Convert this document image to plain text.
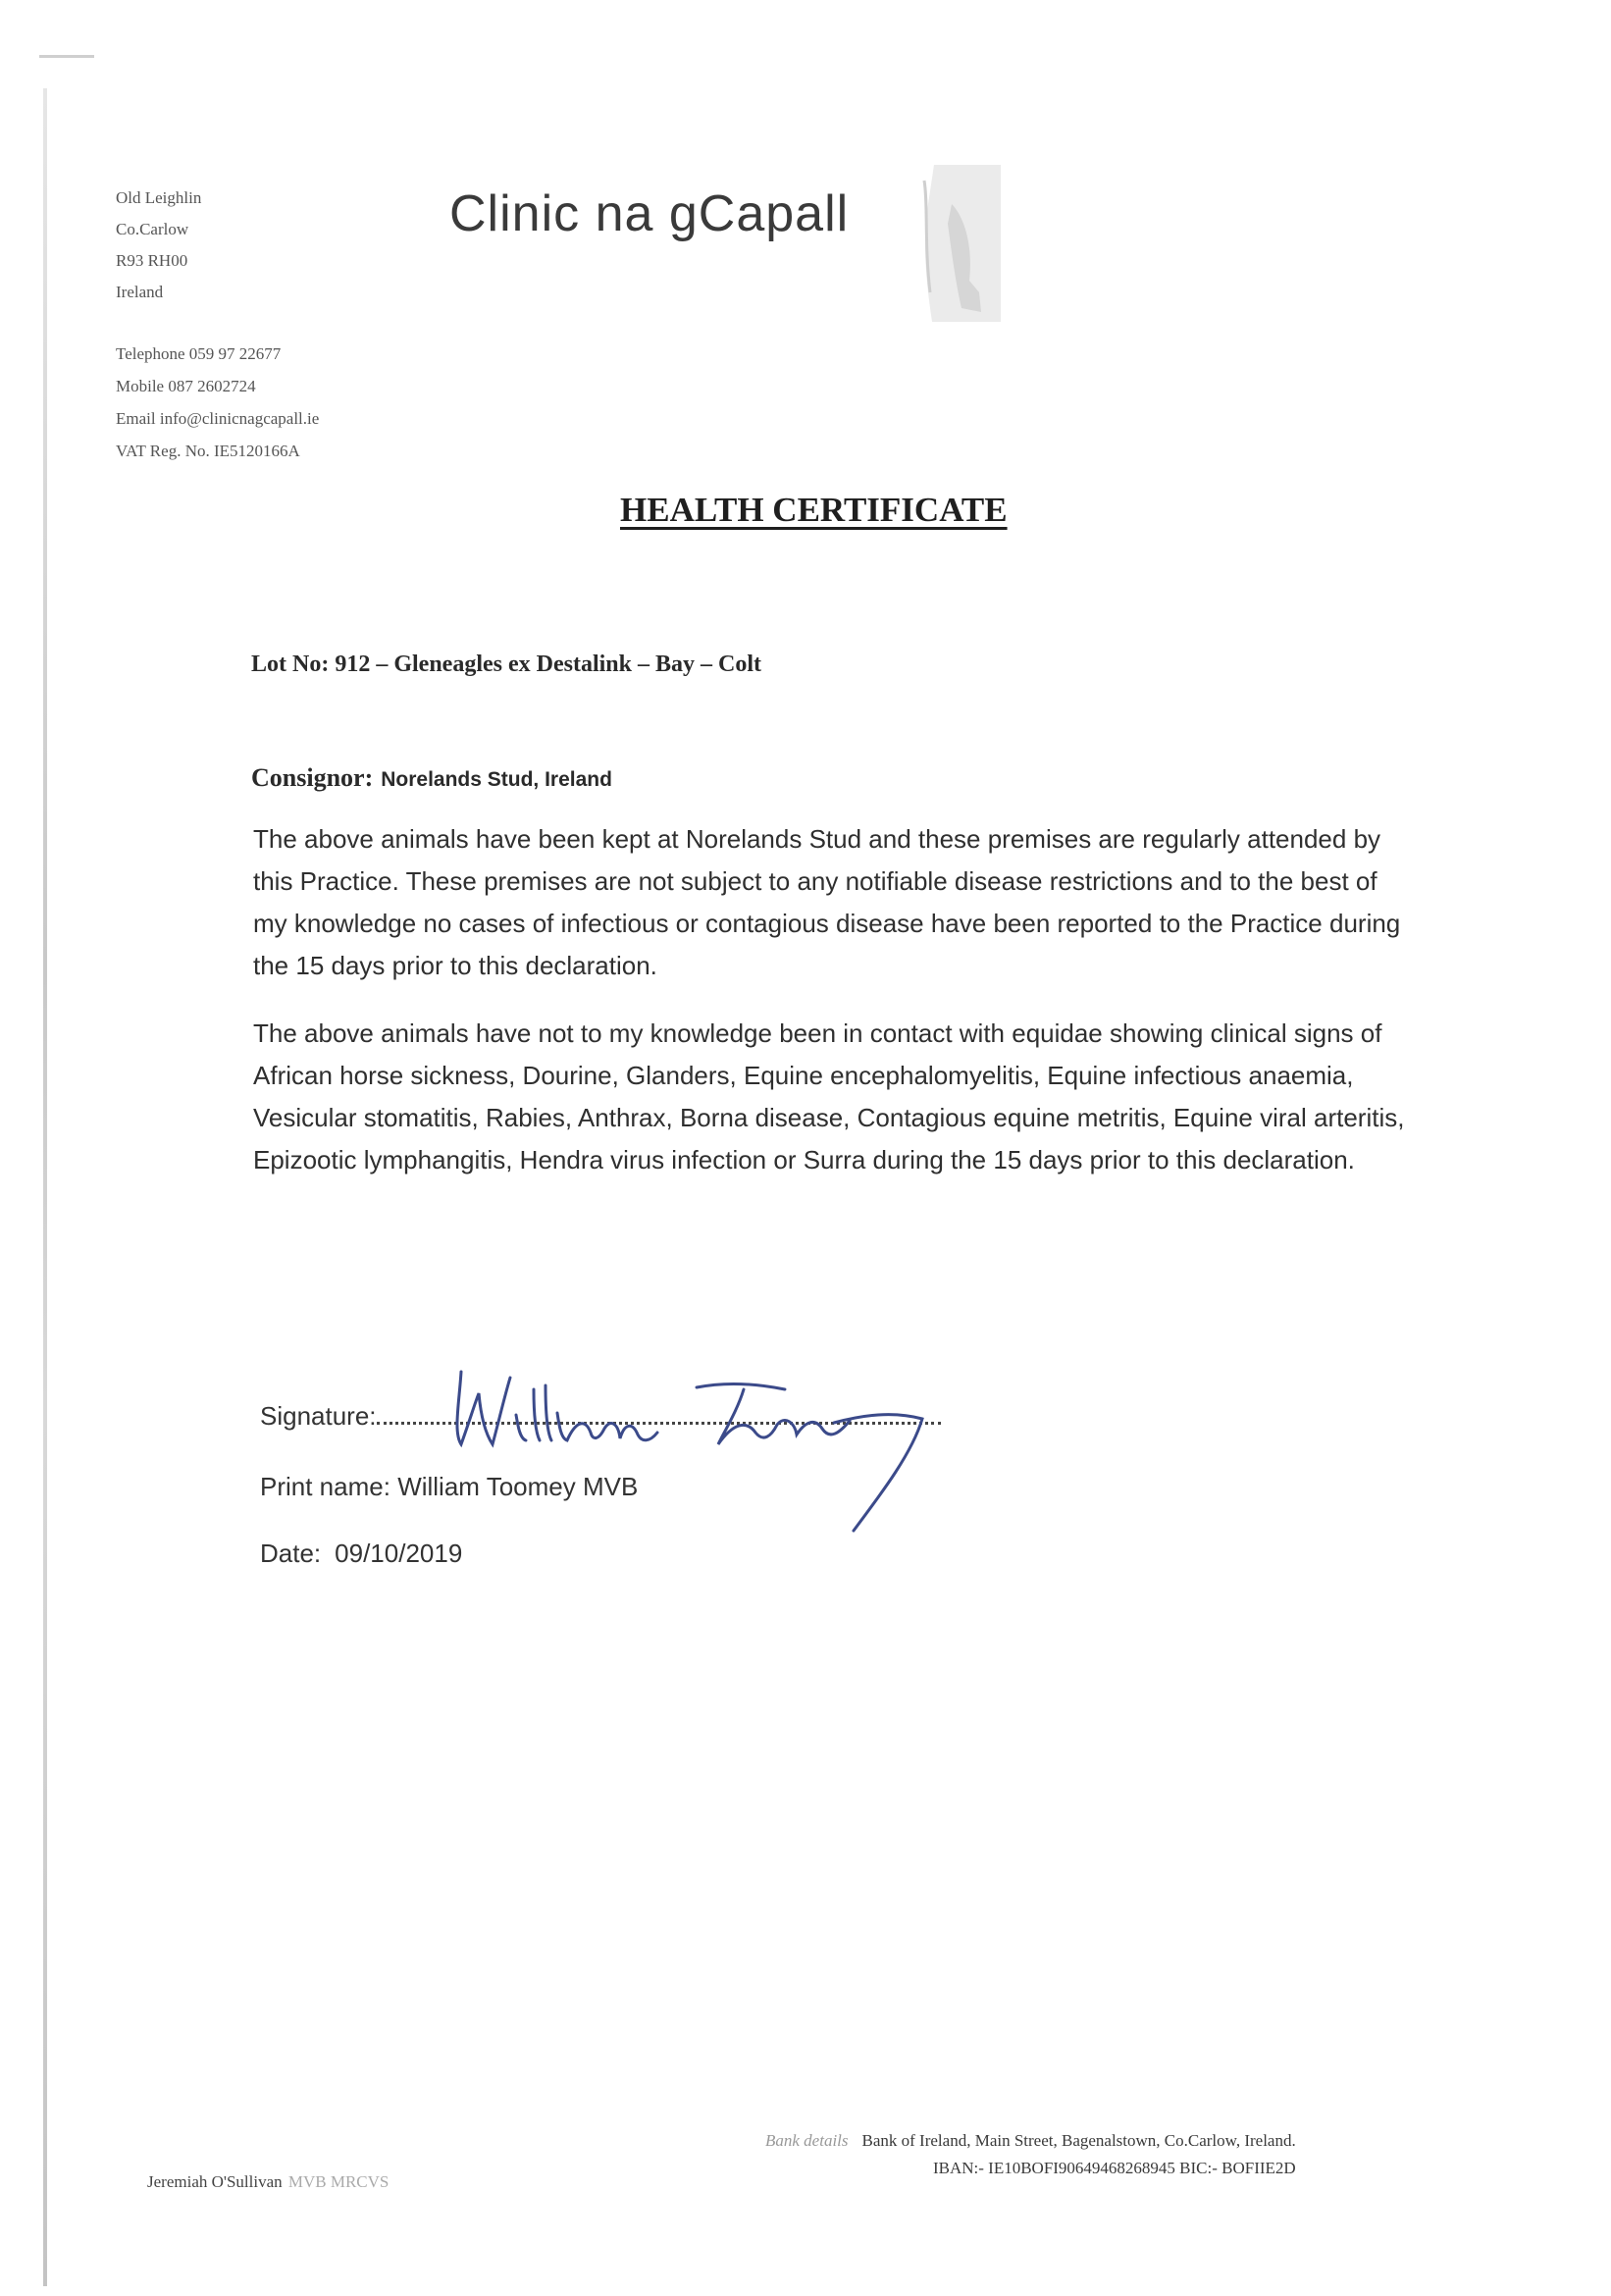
Old Leighlin
Co.Carlow
R93 RH00
Ireland
Telephone 059 97 22677
Mobile 087 2602724
Email info@clinicnagcapall.ie
VAT Reg. No. IE5120166A
Clinic na gCapall
HEALTH CERTIFICATE
Lot No: 912 – Gleneagles ex Destalink – Bay – Colt
Consignor: Norelands Stud, Ireland
The above animals have been kept at Norelands Stud and these premises are regularly attended by this Practice. These premises are not subject to any notifiable disease restrictions and to the best of my knowledge no cases of infectious or contagious disease have been reported to the Practice during the 15 days prior to this declaration.
The above animals have not to my knowledge been in contact with equidae showing clinical signs of African horse sickness, Dourine, Glanders, Equine encephalomyelitis, Equine infectious anaemia, Vesicular stomatitis, Rabies, Anthrax, Borna disease, Contagious equine metritis, Equine viral arteritis, Epizootic lymphangitis, Hendra virus infection or Surra during the 15 days prior to this declaration.
Signature:
Print name: William Toomey MVB
Date: 09/10/2019
Jeremiah O'Sullivan MVB MRCVS
Bank details Bank of Ireland, Main Street, Bagenalstown, Co.Carlow, Ireland.
IBAN:- IE10BOFI90649468268945 BIC:- BOFIIE2D
